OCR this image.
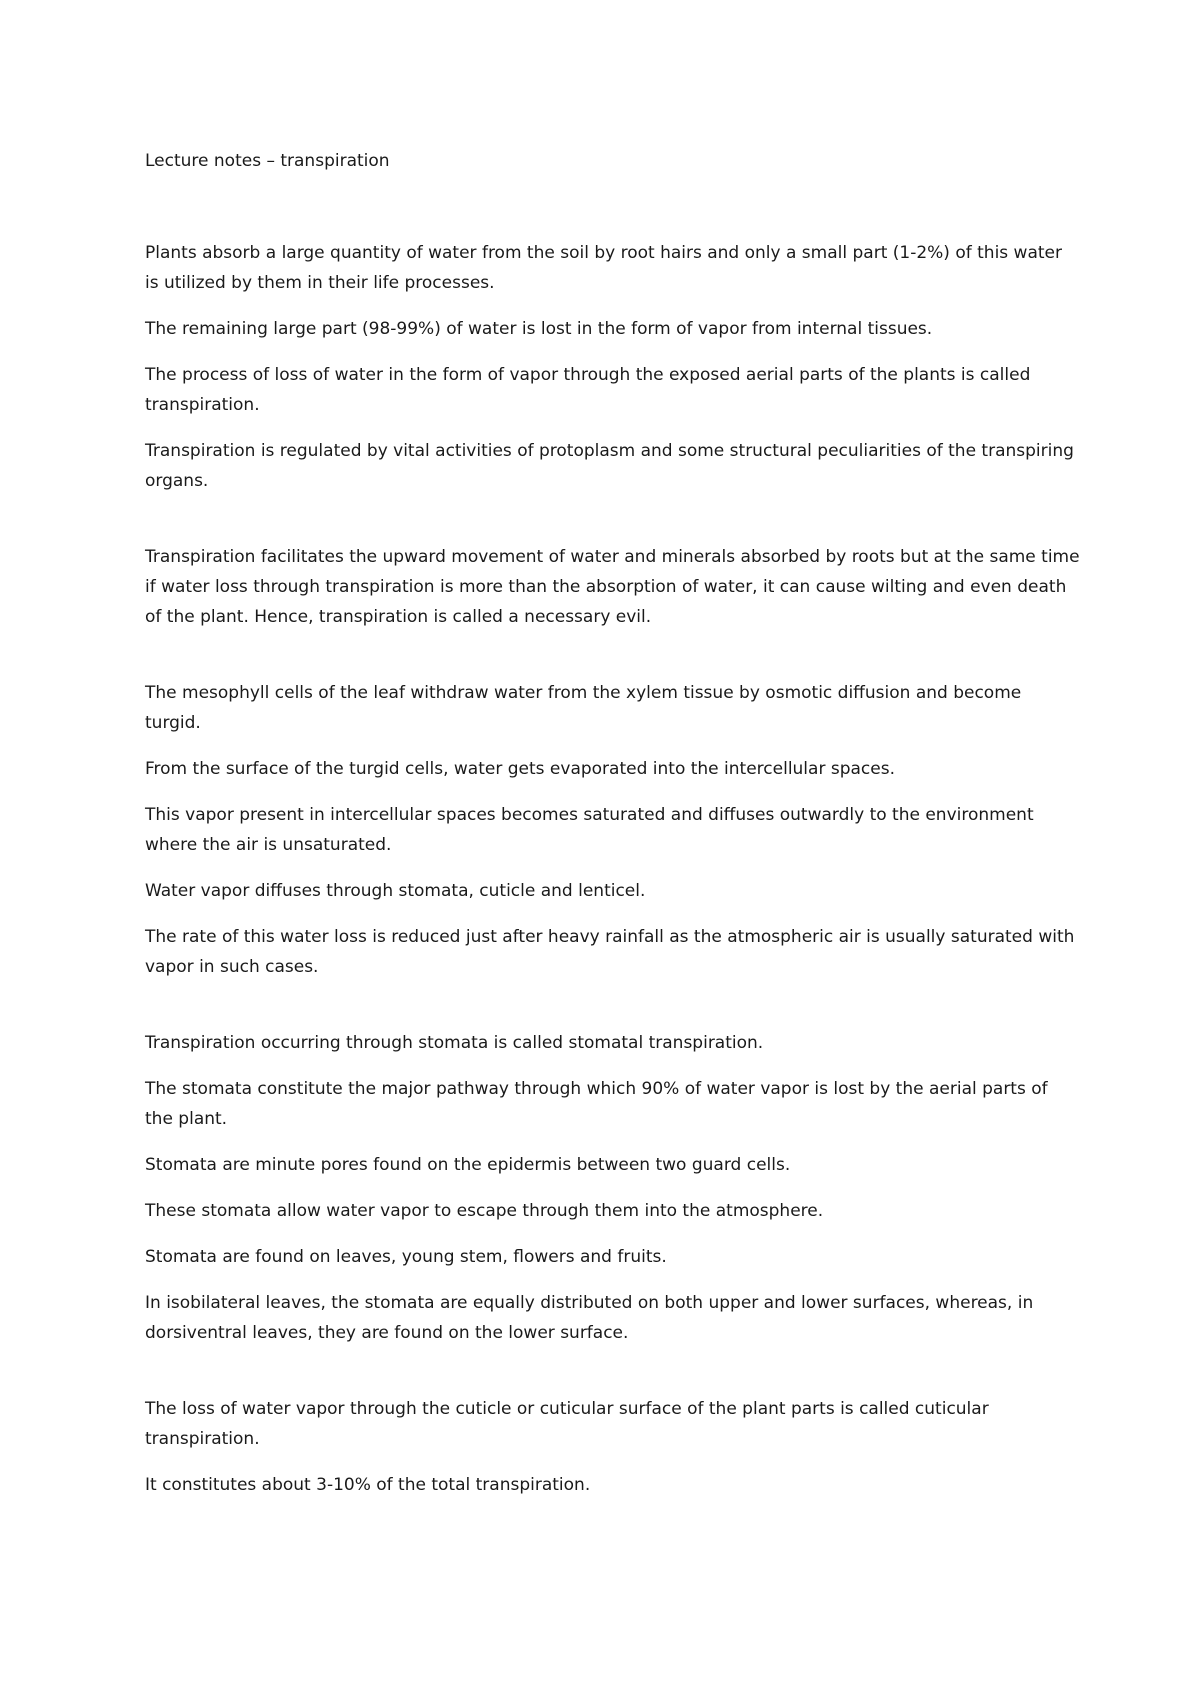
Lecture notes – transpiration
Plants absorb a large quantity of water from the soil by root hairs and only a small part (1-2%) of this water is utilized by them in their life processes.
The remaining large part (98-99%) of water is lost in the form of vapor from internal tissues.
The process of loss of water in the form of vapor through the exposed aerial parts of the plants is called transpiration.
Transpiration is regulated by vital activities of protoplasm and some structural peculiarities of the transpiring organs.
Transpiration facilitates the upward movement of water and minerals absorbed by roots but at the same time if water loss through transpiration is more than the absorption of water, it can cause wilting and even death of the plant. Hence, transpiration is called a necessary evil.
The mesophyll cells of the leaf withdraw water from the xylem tissue by osmotic diffusion and become turgid.
From the surface of the turgid cells, water gets evaporated into the intercellular spaces.
This vapor present in intercellular spaces becomes saturated and diffuses outwardly to the environment where the air is unsaturated.
Water vapor diffuses through stomata, cuticle and lenticel.
The rate of this water loss is reduced just after heavy rainfall as the atmospheric air is usually saturated with vapor in such cases.
Transpiration occurring through stomata is called stomatal transpiration.
The stomata constitute the major pathway through which 90% of water vapor is lost by the aerial parts of the plant.
Stomata are minute pores found on the epidermis between two guard cells.
These stomata allow water vapor to escape through them into the atmosphere.
Stomata are found on leaves, young stem, flowers and fruits.
In isobilateral leaves, the stomata are equally distributed on both upper and lower surfaces, whereas, in dorsiventral leaves, they are found on the lower surface.
The loss of water vapor through the cuticle or cuticular surface of the plant parts is called cuticular transpiration.
It constitutes about 3-10% of the total transpiration.
